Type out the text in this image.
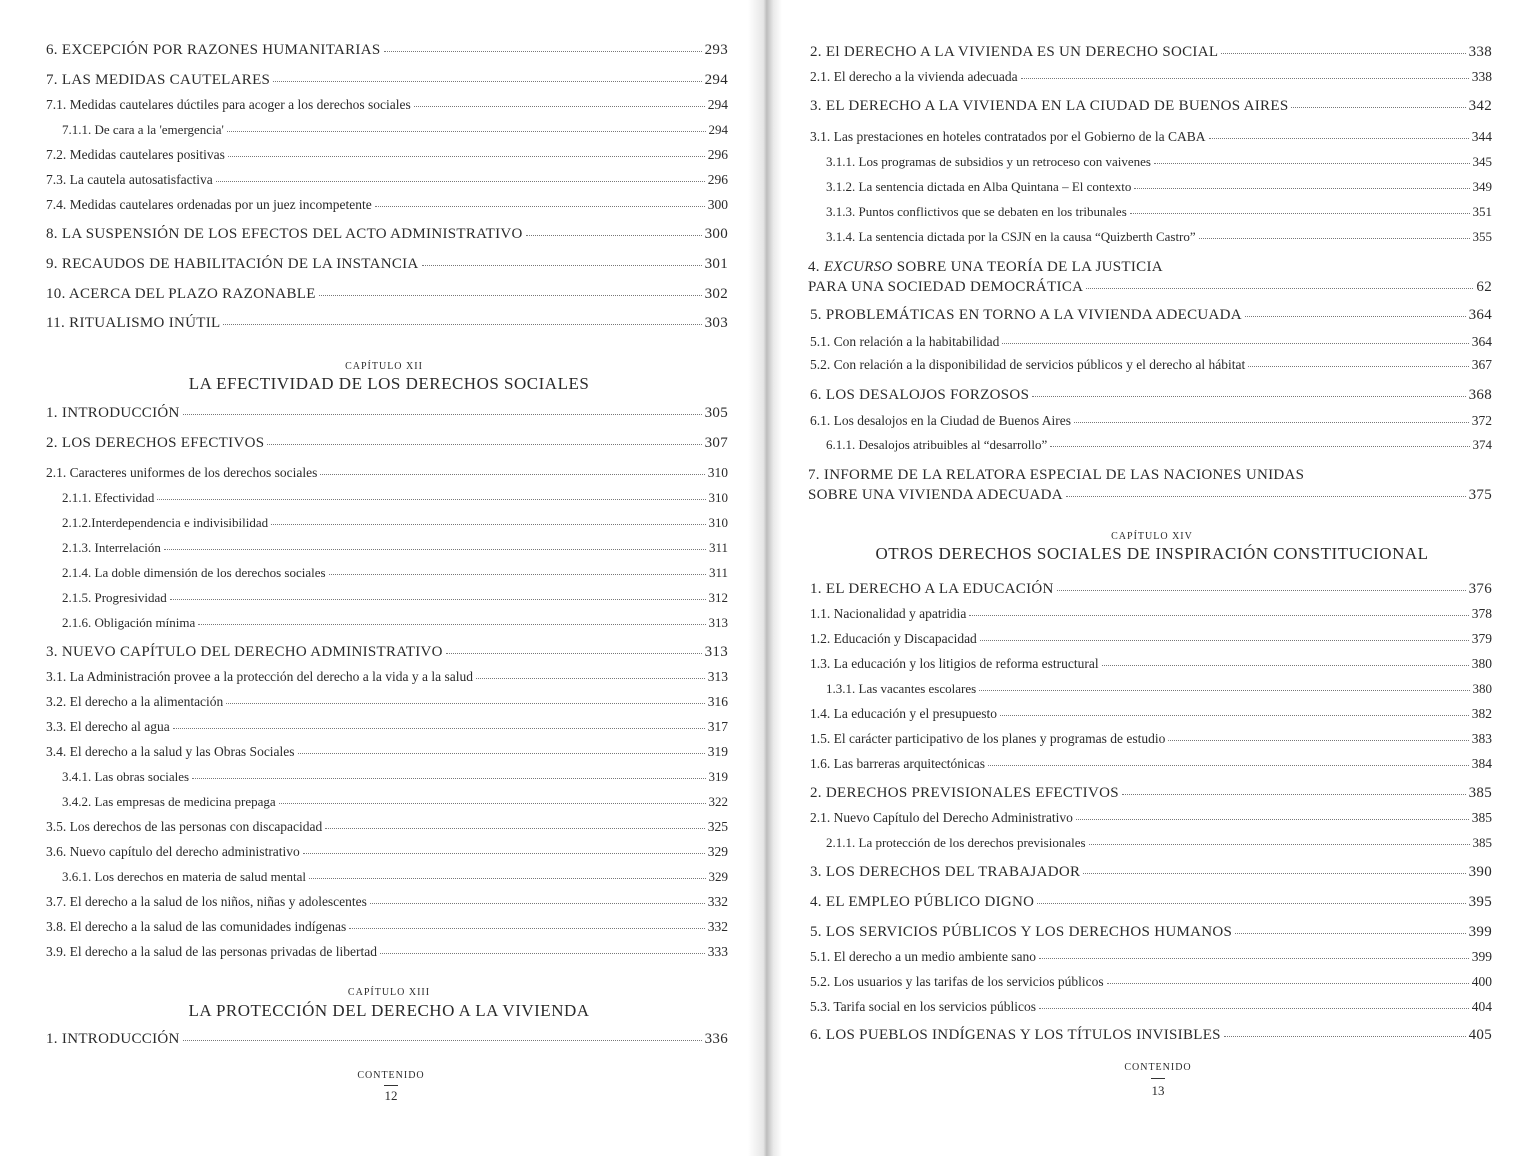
6. EXCEPCIÓN POR RAZONES HUMANITARIAS	293
7. LAS MEDIDAS CAUTELARES	294
7.1. Medidas cautelares dúctiles para acoger a los derechos sociales	294
7.1.1. De cara a la 'emergencia'	294
7.2. Medidas cautelares positivas	296
7.3. La cautela autosatisfactiva	296
7.4. Medidas cautelares ordenadas por un juez incompetente	300
8. LA SUSPENSIÓN DE LOS EFECTOS DEL ACTO ADMINISTRATIVO	300
9. RECAUDOS DE HABILITACIÓN DE LA INSTANCIA	301
10. ACERCA DEL PLAZO RAZONABLE	302
11. RITUALISMO INÚTIL	303
1. INTRODUCCIÓN	305
2. LOS DERECHOS EFECTIVOS	307
2.1. Caracteres uniformes de los derechos sociales	310
2.1.1. Efectividad	310
2.1.2.Interdependencia e indivisibilidad	310
2.1.3. Interrelación	311
2.1.4. La doble dimensión de los derechos sociales	311
2.1.5. Progresividad	312
2.1.6. Obligación mínima	313
3. NUEVO CAPÍTULO DEL DERECHO ADMINISTRATIVO	313
3.1. La Administración provee a la protección del derecho a la vida y a la salud	313
3.2. El derecho a la alimentación	316
3.3. El derecho al agua	317
3.4. El derecho a la salud y las Obras Sociales	319
3.4.1. Las obras sociales	319
3.4.2. Las empresas de medicina prepaga	322
3.5. Los derechos de las personas con discapacidad	325
3.6. Nuevo capítulo del derecho administrativo	329
3.6.1. Los derechos en materia de salud mental	329
3.7. El derecho a la salud de los niños, niñas y adolescentes	332
3.8. El derecho a la salud de las comunidades indígenas	332
3.9. El derecho a la salud de las personas privadas de libertad	333
1. INTRODUCCIÓN	336
CAPÍTULO XII
LA EFECTIVIDAD DE LOS DERECHOS SOCIALES
CAPÍTULO XIII
LA PROTECCIÓN DEL DERECHO A LA VIVIENDA
CONTENIDO
12
2. El DERECHO A LA VIVIENDA ES UN DERECHO SOCIAL	338
2.1. El derecho a la vivienda adecuada	338
3. EL DERECHO A LA VIVIENDA EN LA CIUDAD DE BUENOS AIRES	342
3.1. Las prestaciones en hoteles contratados por el Gobierno de la CABA	344
3.1.1. Los programas de subsidios y un retroceso con vaivenes	345
3.1.2. La sentencia dictada en Alba Quintana – El contexto	349
3.1.3. Puntos conflictivos que se debaten en los tribunales	351
3.1.4. La sentencia dictada por la CSJN en la causa “Quizberth Castro”	355
5. PROBLEMÁTICAS EN TORNO A LA VIVIENDA ADECUADA	364
5.1. Con relación a la habitabilidad	364
5.2. Con relación a la disponibilidad de servicios públicos y el derecho al hábitat	367
6. LOS DESALOJOS FORZOSOS	368
6.1. Los desalojos en la Ciudad de Buenos Aires	372
6.1.1. Desalojos atribuibles al “desarrollo”	374
1. EL DERECHO A LA EDUCACIÓN	376
1.1. Nacionalidad y apatridia	378
1.2. Educación y Discapacidad	379
1.3. La educación y los litigios de reforma estructural	380
1.3.1. Las vacantes escolares	380
1.4. La educación y el presupuesto	382
1.5. El carácter participativo de los planes y programas de estudio	383
1.6. Las barreras arquitectónicas	384
2. DERECHOS PREVISIONALES EFECTIVOS	385
2.1. Nuevo Capítulo del Derecho Administrativo	385
2.1.1. La protección de los derechos previsionales	385
3. LOS DERECHOS DEL TRABAJADOR	390
4. EL EMPLEO PÚBLICO DIGNO	395
5. LOS SERVICIOS PÚBLICOS Y LOS DERECHOS HUMANOS	399
5.1. El derecho a un medio ambiente sano	399
5.2. Los usuarios y las tarifas de los servicios públicos	400
5.3. Tarifa social en los servicios públicos	404
6. LOS PUEBLOS INDÍGENAS Y LOS TÍTULOS INVISIBLES	405
4. EXCURSO SOBRE UNA TEORÍA DE LA JUSTICIA
PARA UNA SOCIEDAD DEMOCRÁTICA	62
7. INFORME DE LA RELATORA ESPECIAL DE LAS NACIONES UNIDAS
SOBRE UNA VIVIENDA ADECUADA	375
CAPÍTULO XIV
OTROS DERECHOS SOCIALES DE INSPIRACIÓN CONSTITUCIONAL
CONTENIDO
13
